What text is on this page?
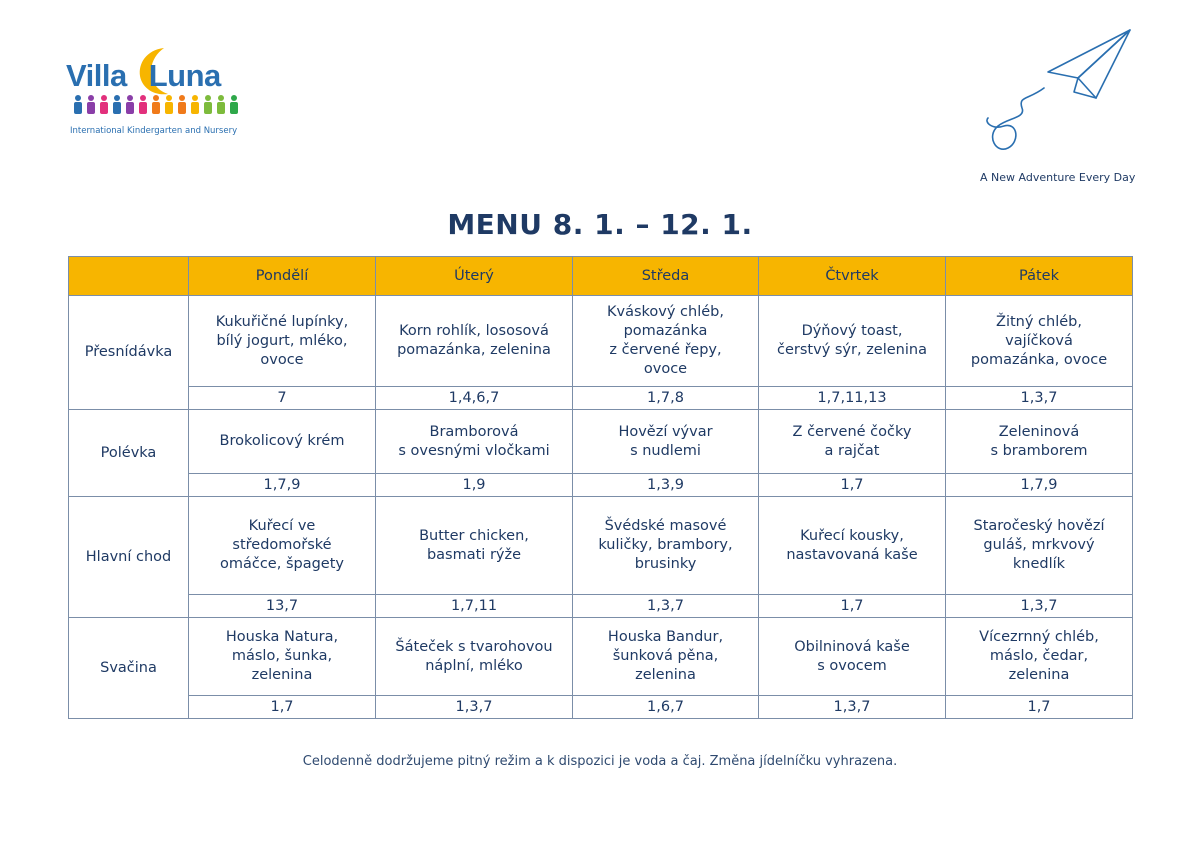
Villa Luna
International Kindergarten and Nursery
A New Adventure Every Day
MENU 8. 1. – 12. 1.
	Pondělí	Úterý	Středa	Čtvrtek	Pátek
Přesnídávka	Kukuřičné lupínky,
bílý jogurt, mléko,
ovoce	Korn rohlík, lososová
pomazánka, zelenina	Kváskový chléb,
pomazánka
z červené řepy,
ovoce	Dýňový toast,
čerstvý sýr, zelenina	Žitný chléb,
vajíčková
pomazánka, ovoce
	7	1,4,6,7	1,7,8	1,7,11,13	1,3,7
Polévka	Brokolicový krém	Bramborová
s ovesnými vločkami	Hovězí vývar
s nudlemi	Z červené čočky
a rajčat	Zeleninová
s bramborem
	1,7,9	1,9	1,3,9	1,7	1,7,9
Hlavní chod	Kuřecí ve
středomořské
omáčce, špagety	Butter chicken,
basmati rýže	Švédské masové
kuličky, brambory,
brusinky	Kuřecí kousky,
nastavovaná kaše	Staročeský hovězí
guláš, mrkvový
knedlík
	13,7	1,7,11	1,3,7	1,7	1,3,7
Svačina	Houska Natura,
máslo, šunka,
zelenina	Šáteček s tvarohovou
náplní, mléko	Houska Bandur,
šunková pěna,
zelenina	Obilninová kaše
s ovocem	Vícezrnný chléb,
máslo, čedar,
zelenina
	1,7	1,3,7	1,6,7	1,3,7	1,7
Celodenně dodržujeme pitný režim a k dispozici je voda a čaj. Změna jídelníčku vyhrazena.
